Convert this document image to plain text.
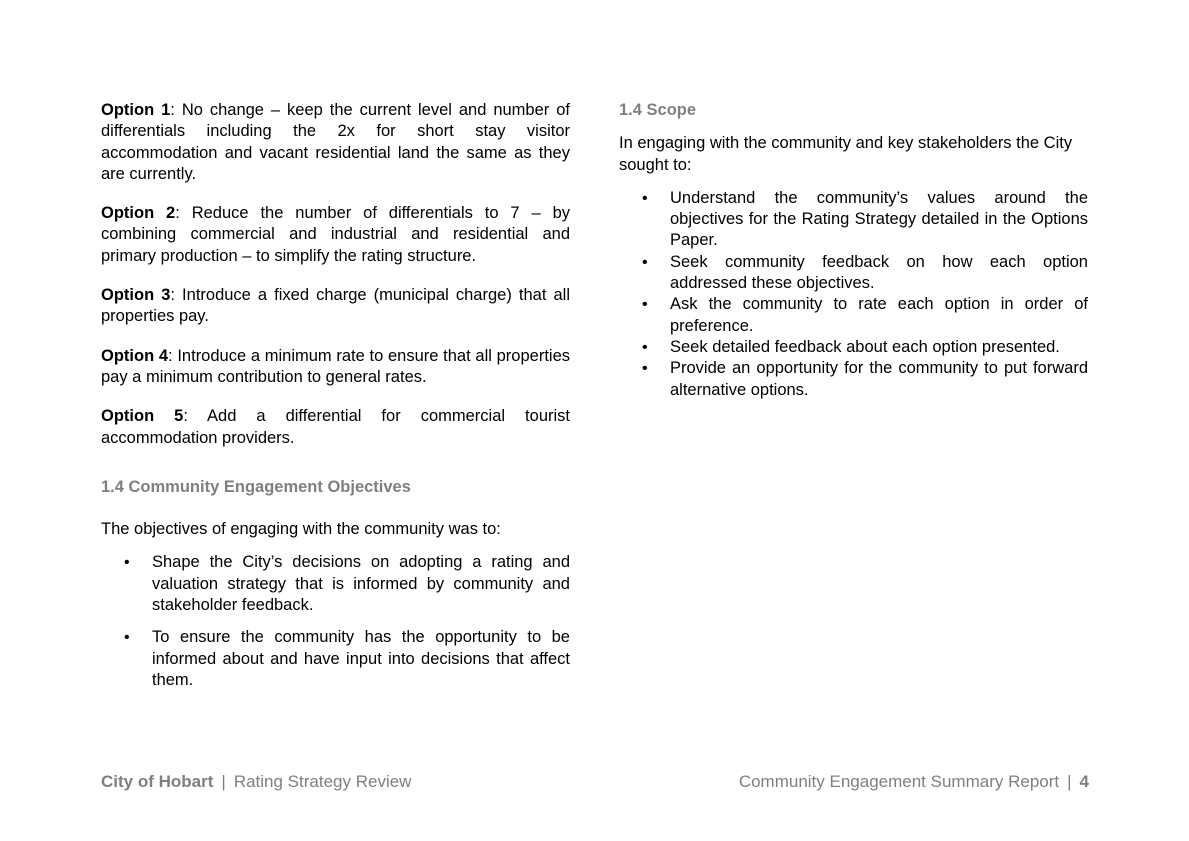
Option 1: No change – keep the current level and number of differentials including the 2x for short stay visitor accommodation and vacant residential land the same as they are currently.

Option 2: Reduce the number of differentials to 7 – by combining commercial and industrial and residential and primary production – to simplify the rating structure.

Option 3: Introduce a fixed charge (municipal charge) that all properties pay.

Option 4: Introduce a minimum rate to ensure that all properties pay a minimum contribution to general rates.

Option 5: Add a differential for commercial tourist accommodation providers.

1.4 Community Engagement Objectives

The objectives of engaging with the community was to:

• Shape the City’s decisions on adopting a rating and valuation strategy that is informed by community and stakeholder feedback.
• To ensure the community has the opportunity to be informed about and have input into decisions that affect them.

1.4 Scope

In engaging with the community and key stakeholders the City sought to:

• Understand the community’s values around the objectives for the Rating Strategy detailed in the Options Paper.
• Seek community feedback on how each option addressed these objectives.
• Ask the community to rate each option in order of preference.
• Seek detailed feedback about each option presented.
• Provide an opportunity for the community to put forward alternative options.
City of Hobart | Rating Strategy Review	Community Engagement Summary Report | 4
